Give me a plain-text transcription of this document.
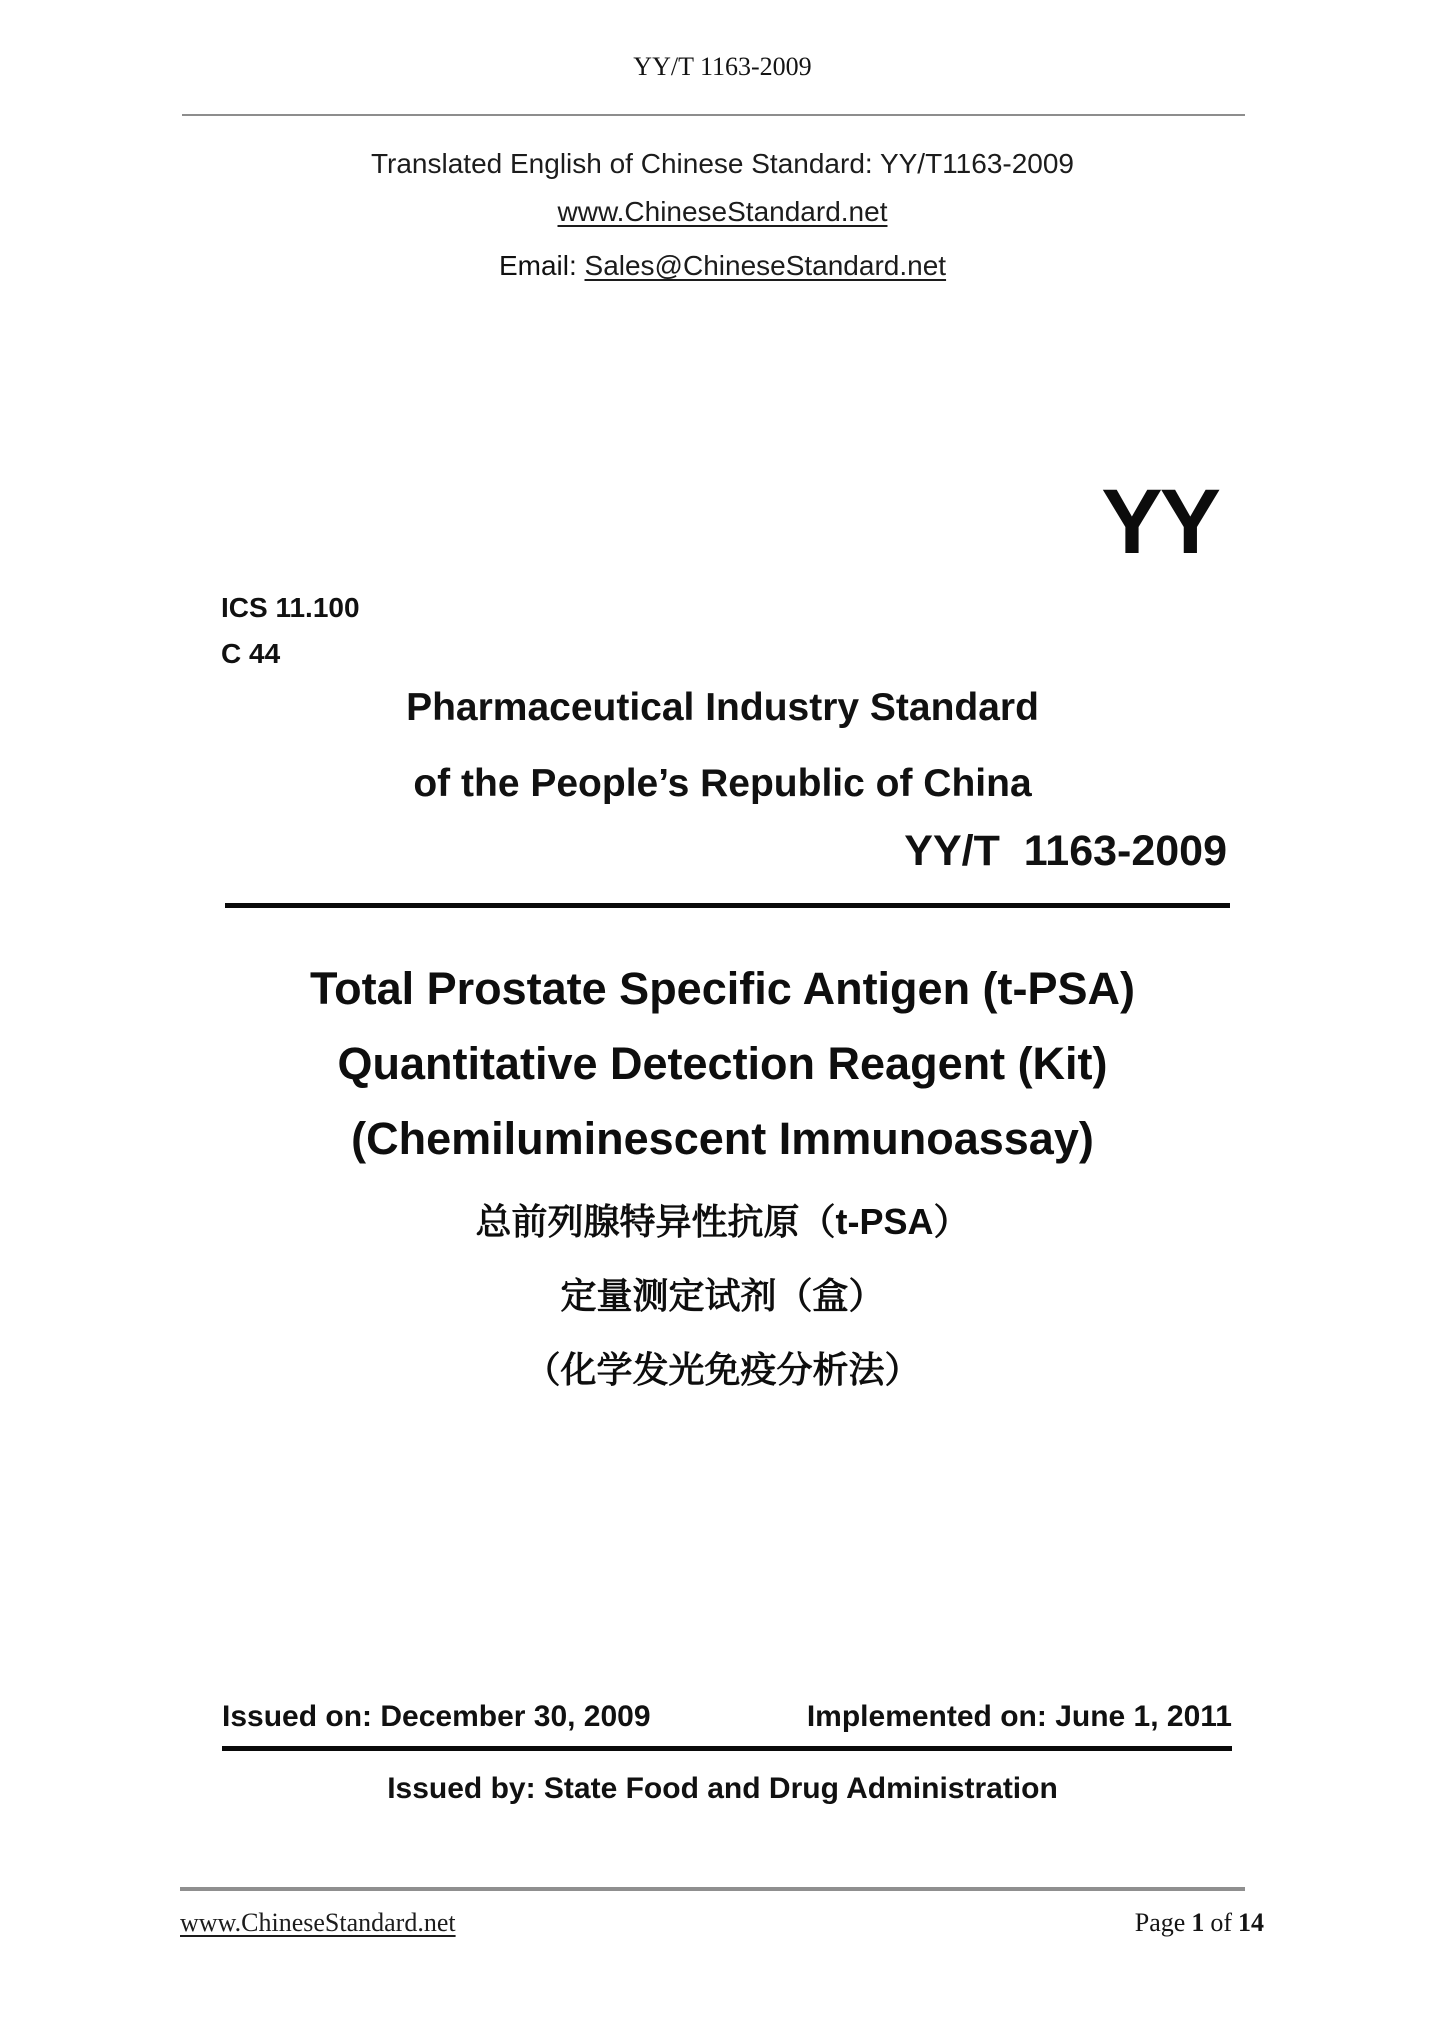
YY/T 1163-2009
Translated English of Chinese Standard: YY/T1163-2009
www.ChineseStandard.net
Email: Sales@ChineseStandard.net
YY
ICS 11.100
C 44
Pharmaceutical Industry Standard
of the People’s Republic of China
YY/T  1163-2009
Total Prostate Specific Antigen (t-PSA)
Quantitative Detection Reagent (Kit)
(Chemiluminescent Immunoassay)
总前列腺特异性抗原（t-PSA）
定量测定试剂（盒）
（化学发光免疫分析法）
Issued on: December 30, 2009	Implemented on: June 1, 2011
Issued by: State Food and Drug Administration
www.ChineseStandard.net	Page 1 of 14
